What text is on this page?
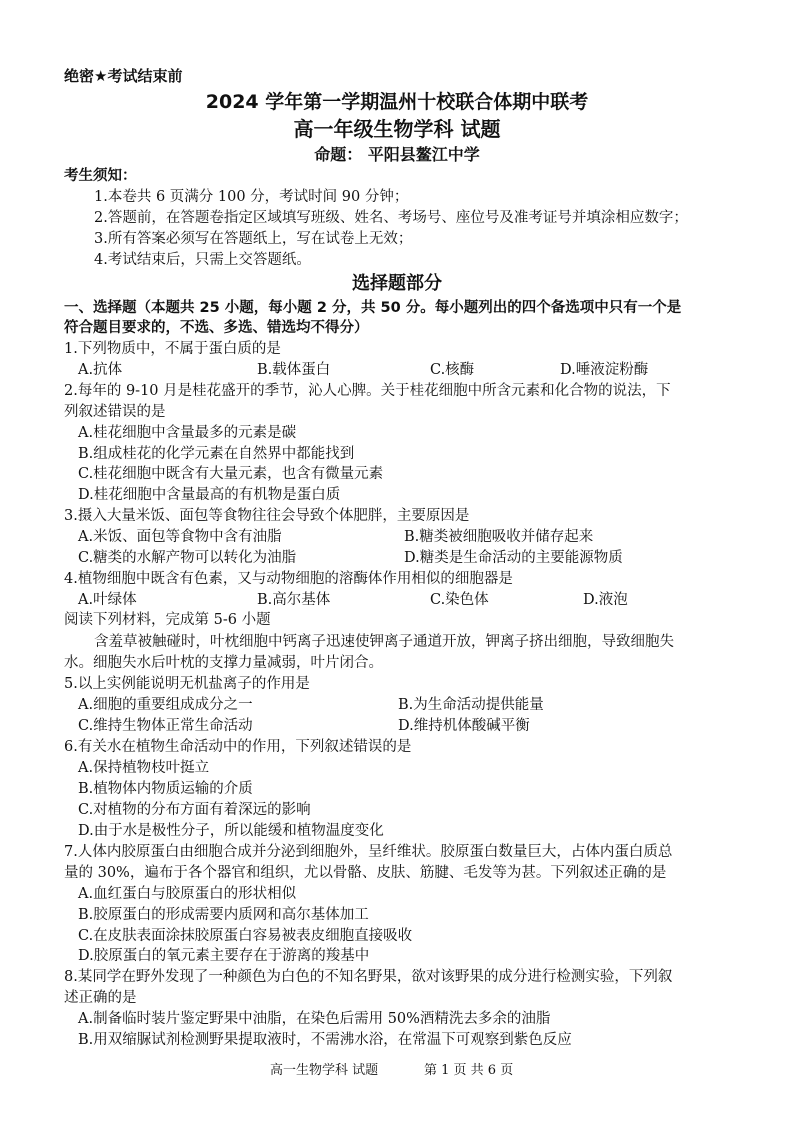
绝密★考试结束前
2024 学年第一学期温州十校联合体期中联考
高一年级生物学科 试题
命题： 平阳县鳌江中学
考生须知：
1.本卷共 6 页满分 100 分，考试时间 90 分钟；
2.答题前，在答题卷指定区域填写班级、姓名、考场号、座位号及准考证号并填涂相应数字；
3.所有答案必须写在答题纸上，写在试卷上无效；
4.考试结束后，只需上交答题纸。
选择题部分
一、选择题（本题共 25 小题，每小题 2 分，共 50 分。每小题列出的四个备选项中只有一个是
符合题目要求的，不选、多选、错选均不得分）
1.下列物质中，不属于蛋白质的是
A.抗体	B.载体蛋白	C.核酶	D.唾液淀粉酶
2.每年的 9-10 月是桂花盛开的季节，沁人心脾。关于桂花细胞中所含元素和化合物的说法，下
列叙述错误的是
A.桂花细胞中含量最多的元素是碳
B.组成桂花的化学元素在自然界中都能找到
C.桂花细胞中既含有大量元素，也含有微量元素
D.桂花细胞中含量最高的有机物是蛋白质
3.摄入大量米饭、面包等食物往往会导致个体肥胖，主要原因是
A.米饭、面包等食物中含有油脂	B.糖类被细胞吸收并储存起来
C.糖类的水解产物可以转化为油脂	D.糖类是生命活动的主要能源物质
4.植物细胞中既含有色素，又与动物细胞的溶酶体作用相似的细胞器是
A.叶绿体	B.高尔基体	C.染色体	D.液泡
阅读下列材料，完成第 5-6 小题
含羞草被触碰时，叶枕细胞中钙离子迅速使钾离子通道开放，钾离子挤出细胞，导致细胞失
水。细胞失水后叶枕的支撑力量减弱，叶片闭合。
5.以上实例能说明无机盐离子的作用是
A.细胞的重要组成成分之一	B.为生命活动提供能量
C.维持生物体正常生命活动	D.维持机体酸碱平衡
6.有关水在植物生命活动中的作用，下列叙述错误的是
A.保持植物枝叶挺立
B.植物体内物质运输的介质
C.对植物的分布方面有着深远的影响
D.由于水是极性分子，所以能缓和植物温度变化
7.人体内胶原蛋白由细胞合成并分泌到细胞外，呈纤维状。胶原蛋白数量巨大，占体内蛋白质总
量的 30%，遍布于各个器官和组织，尤以骨骼、皮肤、筋腱、毛发等为甚。下列叙述正确的是
A.血红蛋白与胶原蛋白的形状相似
B.胶原蛋白的形成需要内质网和高尔基体加工
C.在皮肤表面涂抹胶原蛋白容易被表皮细胞直接吸收
D.胶原蛋白的氧元素主要存在于游离的羧基中
8.某同学在野外发现了一种颜色为白色的不知名野果，欲对该野果的成分进行检测实验，下列叙
述正确的是
A.制备临时装片鉴定野果中油脂，在染色后需用 50%酒精洗去多余的油脂
B.用双缩脲试剂检测野果提取液时，不需沸水浴，在常温下可观察到紫色反应
高一生物学科 试题	第 1 页 共 6 页
